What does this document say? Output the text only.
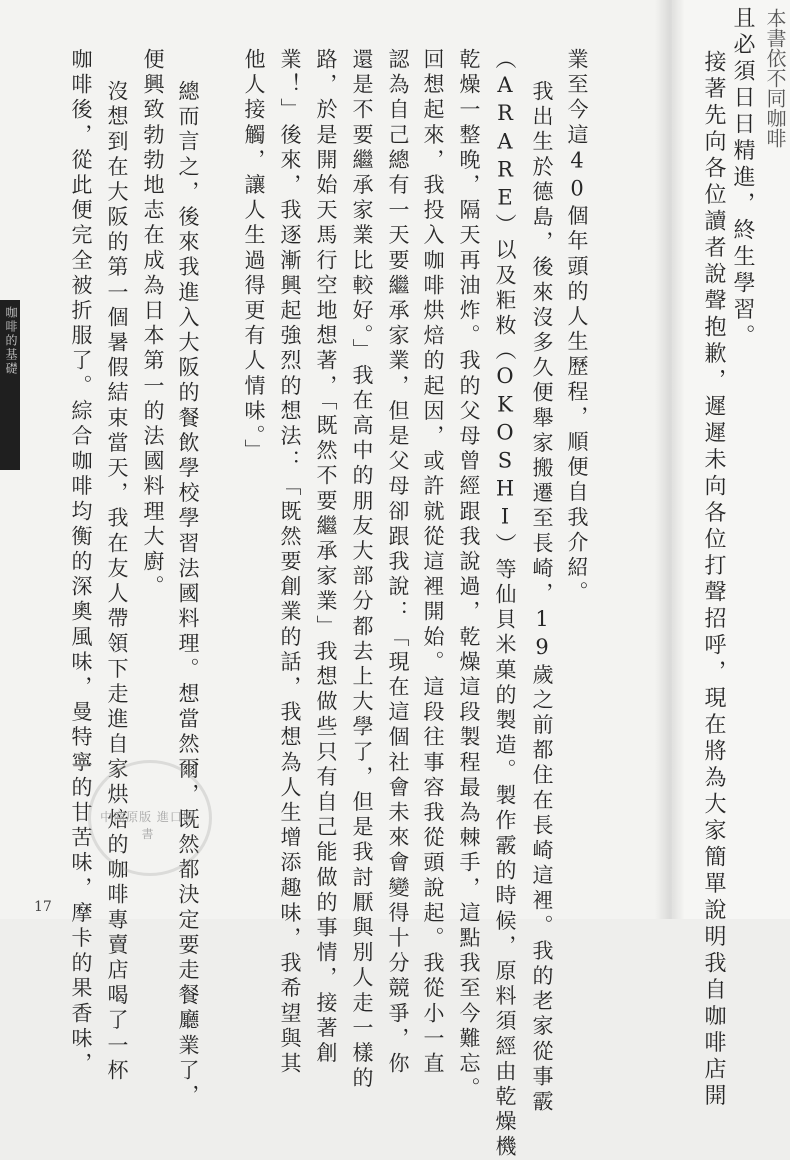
本書依不同咖啡
且必須日日精進，終生學習。
接著先向各位讀者說聲抱歉，遲遲未向各位打聲招呼，現在將為大家簡單說明我自咖啡店開
業至今這40個年頭的人生歷程，順便自我介紹。
我出生於德島，後來沒多久便舉家搬遷至長崎，19歲之前都住在長崎這裡。我的老家從事霰
（ARARE）以及粔籹（OKOSHI）等仙貝米菓的製造。製作霰的時候，原料須經由乾燥機
乾燥一整晚，隔天再油炸。我的父母曾經跟我說過，乾燥這段製程最為棘手，這點我至今難忘。
回想起來，我投入咖啡烘焙的起因，或許就從這裡開始。這段往事容我從頭說起。我從小一直
認為自己總有一天要繼承家業，但是父母卻跟我說：「現在這個社會未來會變得十分競爭，你
還是不要繼承家業比較好。」我在高中的朋友大部分都去上大學了，但是我討厭與別人走一樣的
路，於是開始天馬行空地想著，「既然不要繼承家業」我想做些只有自己能做的事情，接著創
業！」後來，我逐漸興起強烈的想法：「既然要創業的話，我想為人生增添趣味，我希望與其
他人接觸，讓人生過得更有人情味。」
總而言之，後來我進入大阪的餐飲學校學習法國料理。想當然爾，既然都決定要走餐廳業了，
便興致勃勃地志在成為日本第一的法國料理大廚。
沒想到在大阪的第一個暑假結束當天，我在友人帶領下走進自家烘焙的咖啡專賣店喝了一杯
咖啡後，從此便完全被折服了。綜合咖啡均衡的深奧風味，曼特寧的甘苦味，摩卡的果香味，
咖啡的基礎
中商原版 進口圖書
17
